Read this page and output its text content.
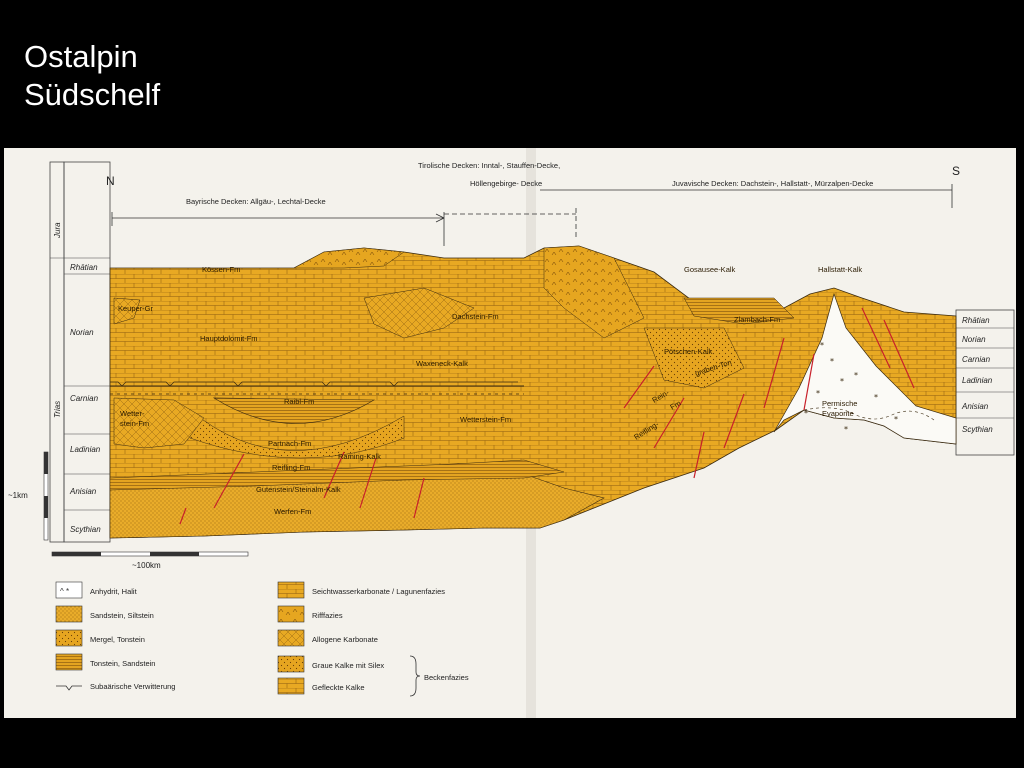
Ostalpin
Südschelf
Jura
Trias
Rhätian
Norian
Carnian
Ladinian
Anisian
Scythian
Rhätian
Norian
Carnian
Ladinian
Anisian
Scythian
N
S
Bayrische Decken: Allgäu-, Lechtal-Decke
Tirolische Decken: Inntal-, Stauffen-Decke,
Höllengebirge- Decke	Juvavische Decken: Dachstein-, Hallstatt-, Mürzalpen-Decke
*
*
*
*
*
*
*
*
*
Kössen-Fm
Keuper-Gr
Hauptdolomit-Fm
Dachstein-Fm
Waxeneck-Kalk
Raibl-Fm
Wetter-
stein-Fm
Partnach-Fm
Raming-Kalk
Reifling-Fm
Gutenstein/Steinalm-Kalk
Werfen-Fm
Wetterstein-Fm
Gosausee-Kalk	Hallstatt-Kalk
Zlambach-Fm
Pötschen-Kalk
graben-Ton
Rein-
Fm
Reifling-
Permische
Evaporite
~1km
~100km
^ *	Anhydrit, Halit
Sandstein, Siltstein
Mergel, Tonstein
Tonstein, Sandstein
Subaärische Verwitterung
Seichtwasserkarbonate / Lagunenfazies
Rifffazies
Allogene Karbonate
Graue Kalke mit Silex
Gefleckte Kalke
Beckenfazies
